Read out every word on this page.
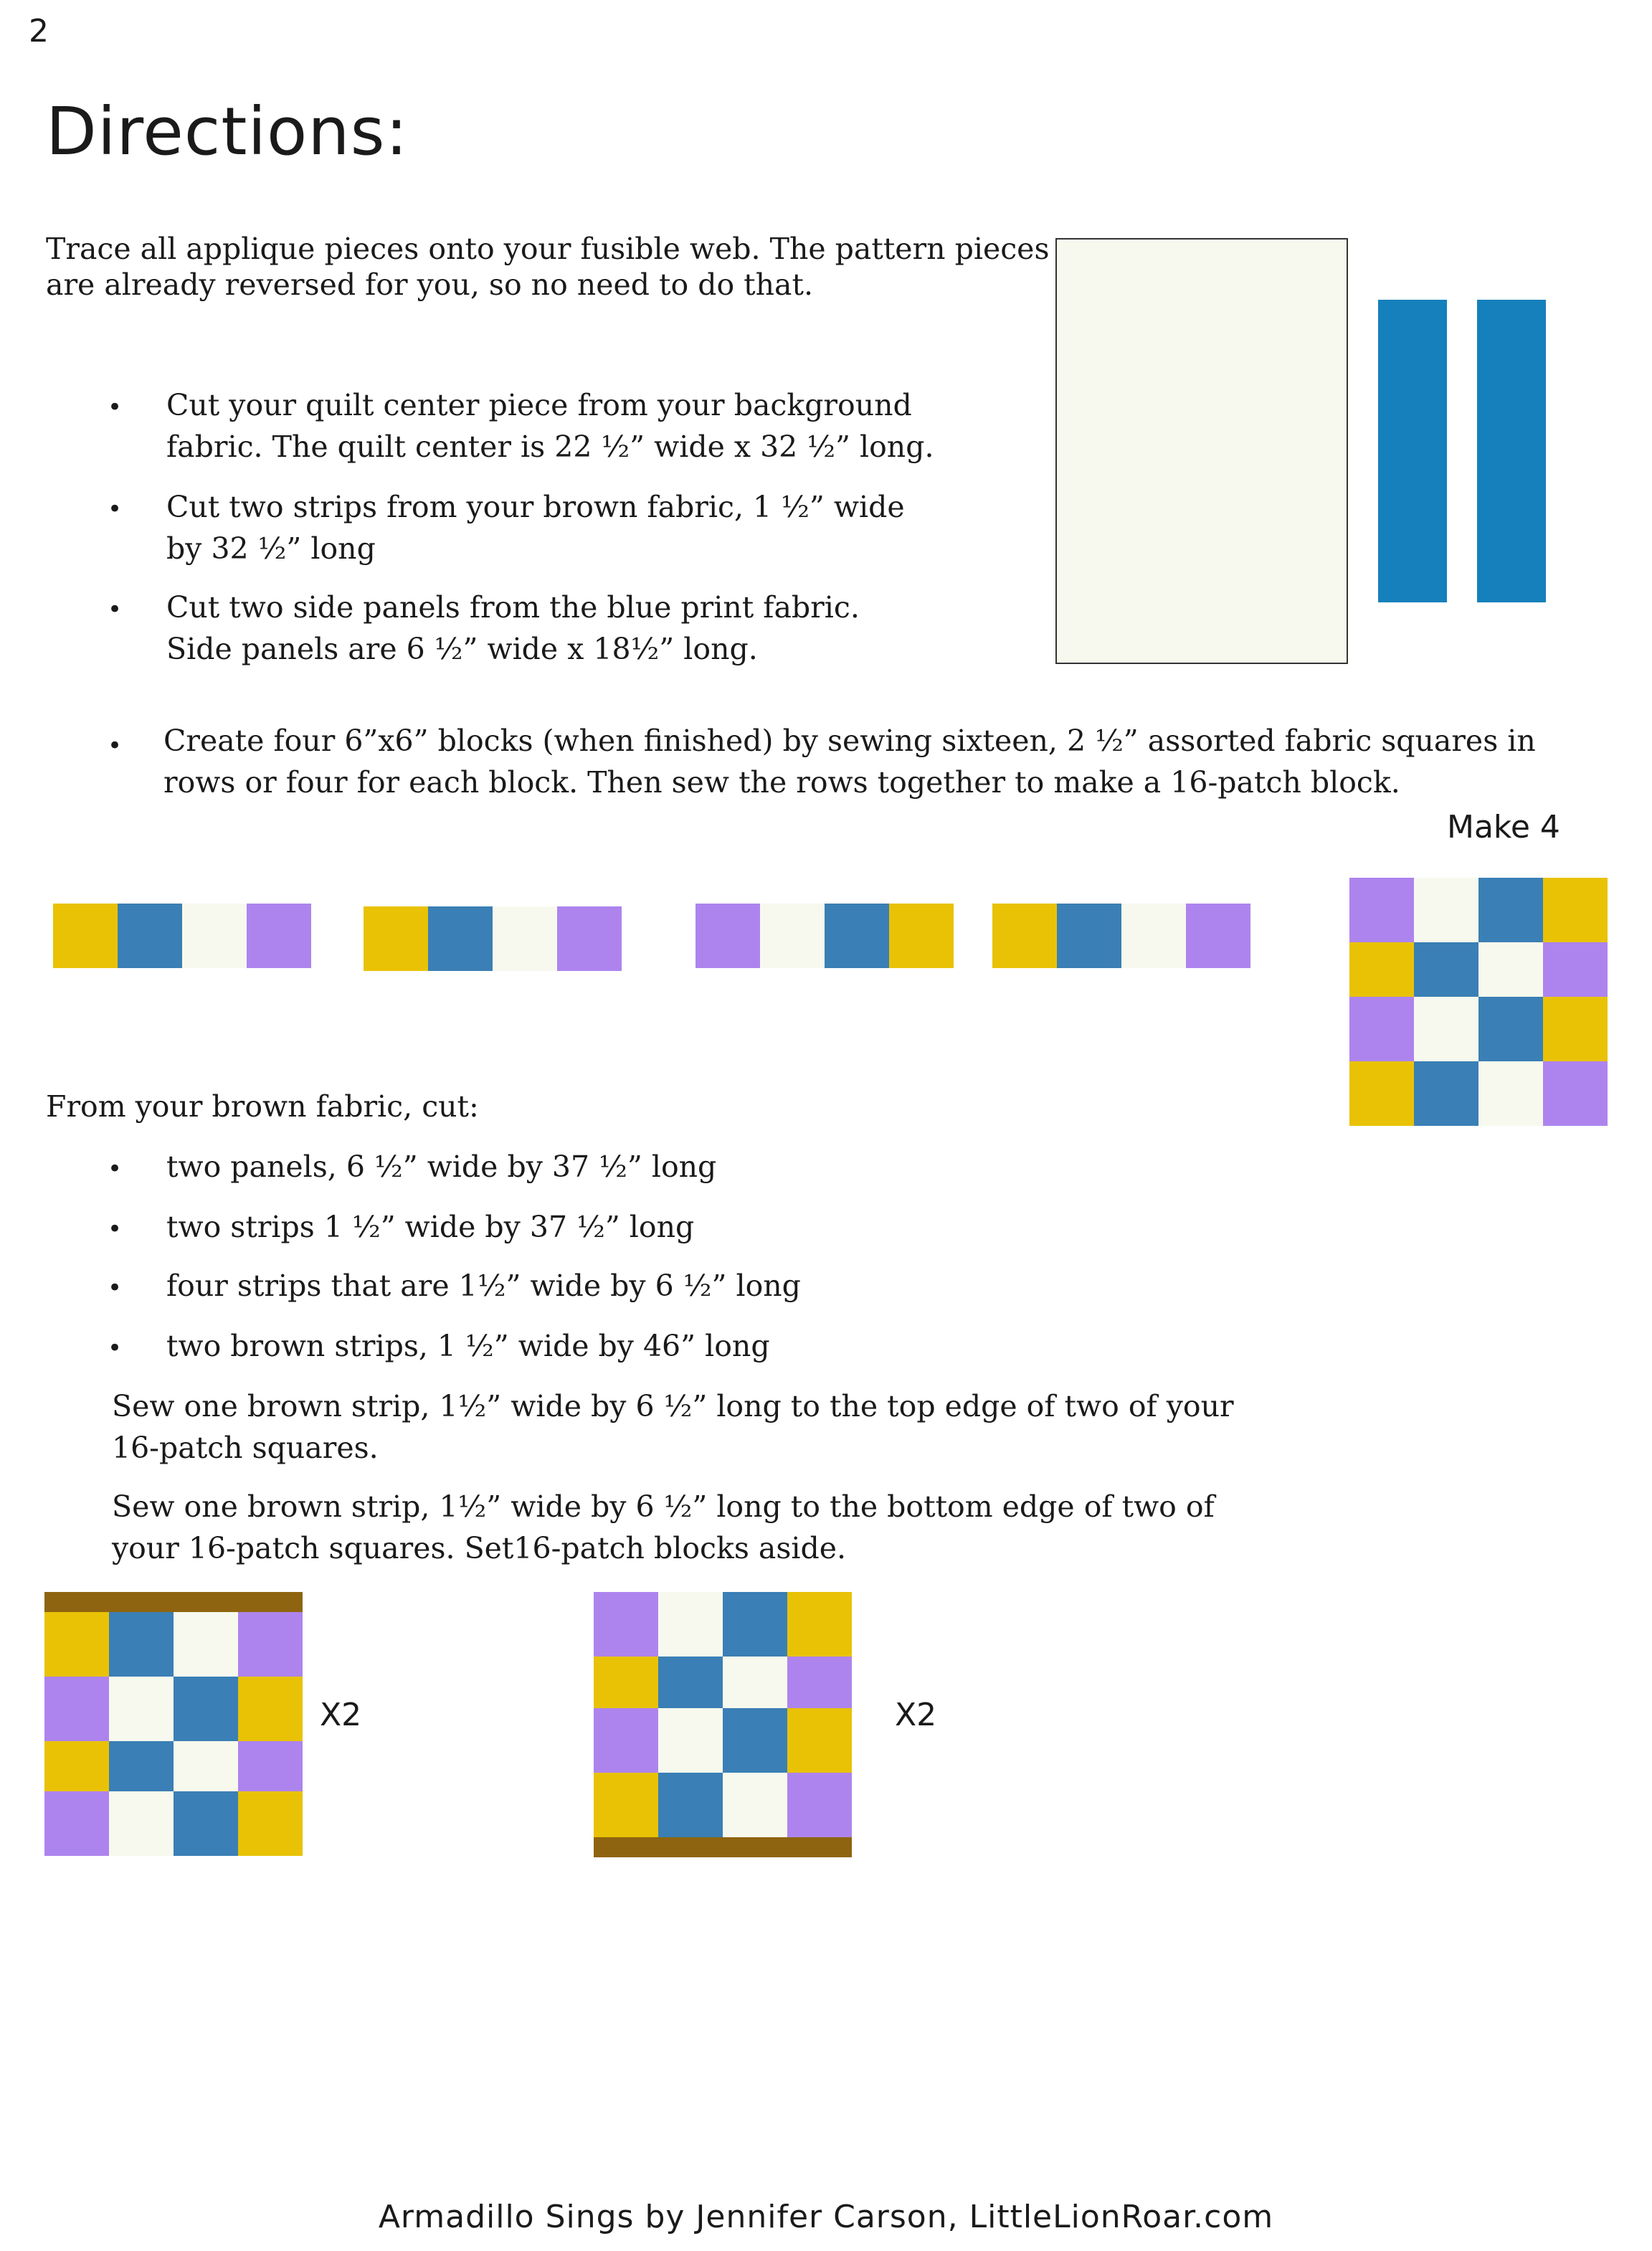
2
Directions:
Trace all applique pieces onto your fusible web. The pattern pieces
are already reversed for you, so no need to do that.
• Cut your quilt center piece from your background
fabric. The quilt center is 22 ½” wide x 32 ½” long.
• Cut two strips from your brown fabric, 1 ½” wide
by 32 ½” long
• Cut two side panels from the blue print fabric.
Side panels are 6 ½” wide x 18½” long.
• Create four 6”x6” blocks (when finished) by sewing sixteen, 2 ½” assorted fabric squares in
rows or four for each block. Then sew the rows together to make a 16-patch block.
Make 4
From your brown fabric, cut:
• two panels, 6 ½” wide by 37 ½” long
• two strips 1 ½” wide by 37 ½” long
• four strips that are 1½” wide by 6 ½” long
• two brown strips, 1 ½” wide by 46” long
Sew one brown strip, 1½” wide by 6 ½” long to the top edge of two of your
16-patch squares.
Sew one brown strip, 1½” wide by 6 ½” long to the bottom edge of two of
your 16-patch squares. Set16-patch blocks aside.
X2	X2
Armadillo Sings by Jennifer Carson, LittleLionRoar.com
